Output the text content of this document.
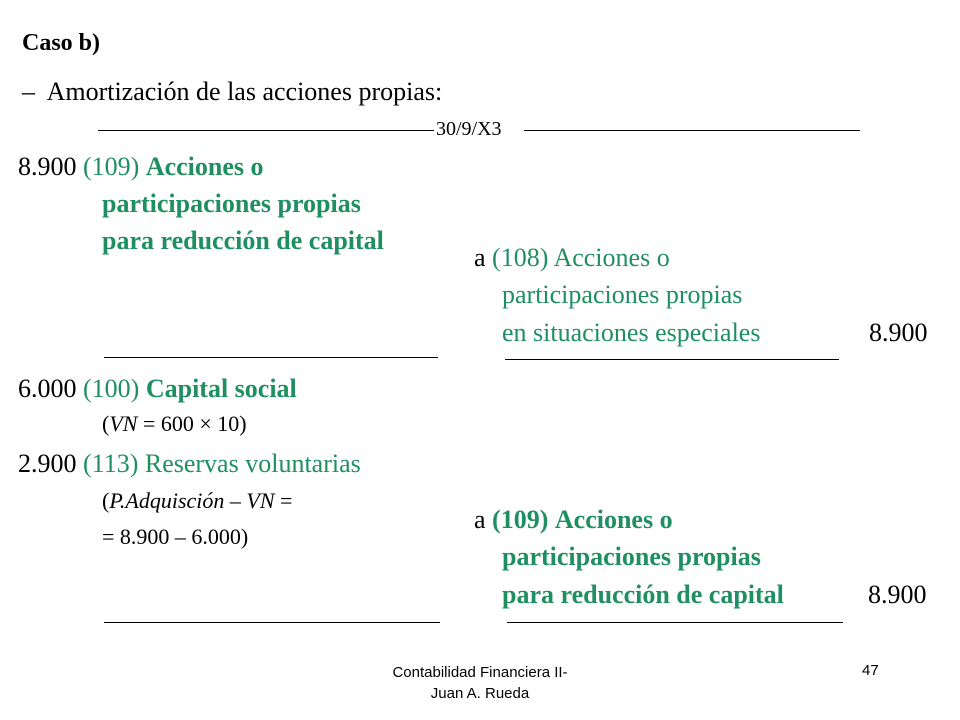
Caso b)
– Amortización de las acciones propias:
30/9/X3
8.900 (109) Acciones o
participaciones propias
para reducción de capital
a (108) Acciones o
participaciones propias
en situaciones especiales	8.900
6.000 (100) Capital social
(VN = 600 × 10)
2.900 (113) Reservas voluntarias
(P.Adquisción – VN =
= 8.900 – 6.000)
a (109) Acciones o
participaciones propias
para reducción de capital	8.900
Contabilidad Financiera II-
Juan A. Rueda
47
